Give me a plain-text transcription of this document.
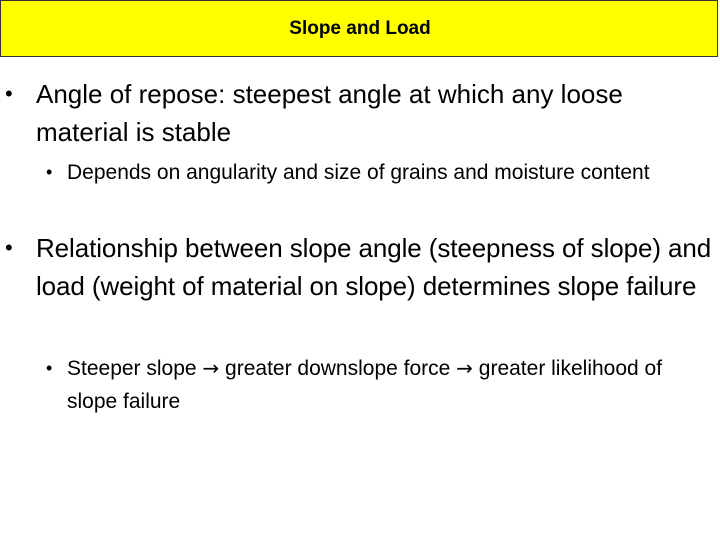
Slope and Load
• Angle of repose: steepest angle at which any loose material is stable
• Depends on angularity and size of grains and moisture content
• Relationship between slope angle (steepness of slope) and load (weight of material on slope) determines slope failure
• Steeper slope → greater downslope force → greater likelihood of slope failure
